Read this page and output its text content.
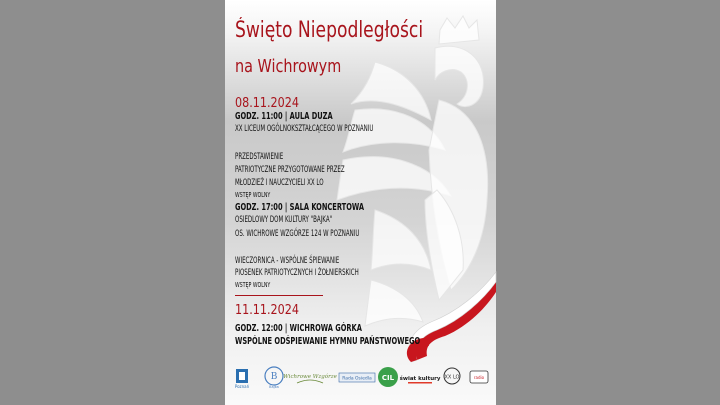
Święto Niepodległości
na Wichrowym
08.11.2024
GODZ. 11:00 | AULA DUŻA
XX LICEUM OGÓLNOKSZTAŁCĄCEGO W POZNANIU
PRZEDSTAWIENIE
PATRIOTYCZNE PRZYGOTOWANE PRZEZ
MŁODZIEŻ I NAUCZYCIELI XX LO
WSTĘP WOLNY
GODZ. 17:00 | SALA KONCERTOWA
OSIEDLOWY DOM KULTURY "BAJKA"
OS. WICHROWE WZGÓRZE 124 W POZNANIU
WIECZORNICA - WSPÓLNE ŚPIEWANIE
PIOSENEK PATRIOTYCZNYCH I ŻOŁNIERSKICH
WSTĘP WOLNY
11.11.2024
GODZ. 12:00 | WICHROWA GÓRKA
WSPÓLNE ODŚPIEWANIE HYMNU PAŃSTWOWEGO
Poznań
B
Bajka
Wichrowe Wzgórze Rada Osiedla CIL świat kultury XX LO	radio
